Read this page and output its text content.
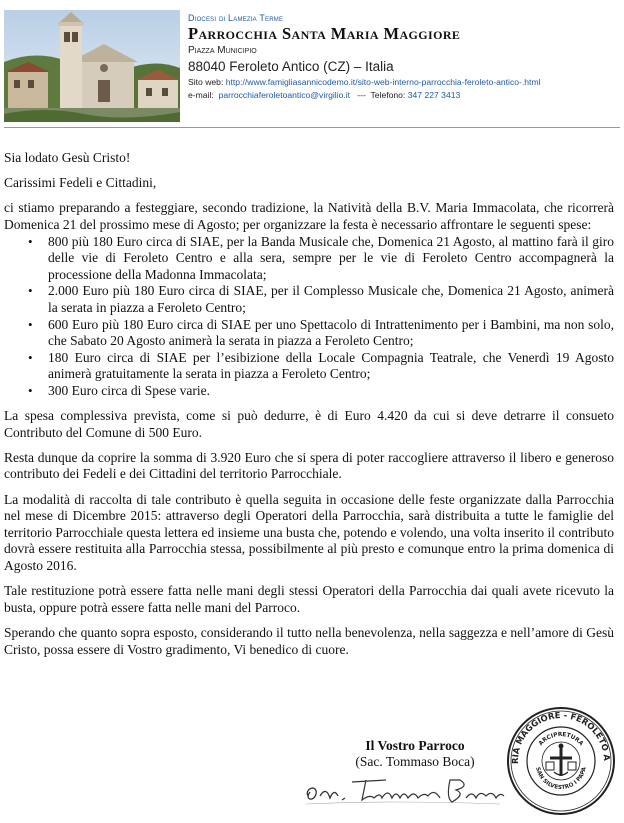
Diocesi di Lamezia Terme
Parrocchia Santa Maria Maggiore
Piazza Municipio
88040 Feroleto Antico (CZ) – Italia
Sito web: http://www.famigliasannicodemo.it/sito-web-interno-parrocchia-feroleto-antico-.html
e-mail: parrocchiaferoletoantico@virgilio.it --- Telefono: 347 227 3413

Sia lodato Gesù Cristo!

Carissimi Fedeli e Cittadini,

ci stiamo preparando a festeggiare, secondo tradizione, la Natività della B.V. Maria Immacolata, che ricorrerà Domenica 21 del prossimo mese di Agosto; per organizzare la festa è necessario affrontare le seguenti spese:

• 800 più 180 Euro circa di SIAE, per la Banda Musicale che, Domenica 21 Agosto, al mattino farà il giro delle vie di Feroleto Centro e alla sera, sempre per le vie di Feroleto Centro accompagnerà la processione della Madonna Immacolata;
• 2.000 Euro più 180 Euro circa di SIAE, per il Complesso Musicale che, Domenica 21 Agosto, animerà la serata in piazza a Feroleto Centro;
• 600 Euro più 180 Euro circa di SIAE per uno Spettacolo di Intrattenimento per i Bambini, ma non solo, che Sabato 20 Agosto animerà la serata in piazza a Feroleto Centro;
• 180 Euro circa di SIAE per l’esibizione della Locale Compagnia Teatrale, che Venerdì 19 Agosto animerà gratuitamente la serata in piazza a Feroleto Centro;
• 300 Euro circa di Spese varie.

La spesa complessiva prevista, come si può dedurre, è di Euro 4.420 da cui si deve detrarre il consueto Contributo del Comune di 500 Euro.

Resta dunque da coprire la somma di 3.920 Euro che si spera di poter raccogliere attraverso il libero e generoso contributo dei Fedeli e dei Cittadini del territorio Parrocchiale.

La modalità di raccolta di tale contributo è quella seguita in occasione delle feste organizzate dalla Parrocchia nel mese di Dicembre 2015: attraverso degli Operatori della Parrocchia, sarà distribuita a tutte le famiglie del territorio Parrocchiale questa lettera ed insieme una busta che, potendo e volendo, una volta inserito il contributo dovrà essere restituita alla Parrocchia stessa, possibilmente al più presto e comunque entro la prima domenica di Agosto 2016.

Tale restituzione potrà essere fatta nelle mani degli stessi Operatori della Parrocchia dai quali avete ricevuto la busta, oppure potrà essere fatta nelle mani del Parroco.

Sperando che quanto sopra esposto, considerando il tutto nella benevolenza, nella saggezza e nell’amore di Gesù Cristo, possa essere di Vostro gradimento, Vi benedico di cuore.

Il Vostro Parroco
(Sac. Tommaso Boca)	RIA MAGGIORE - FEROLETO A
ARCIPRETURA
SAN SILVESTRO I PAPA
